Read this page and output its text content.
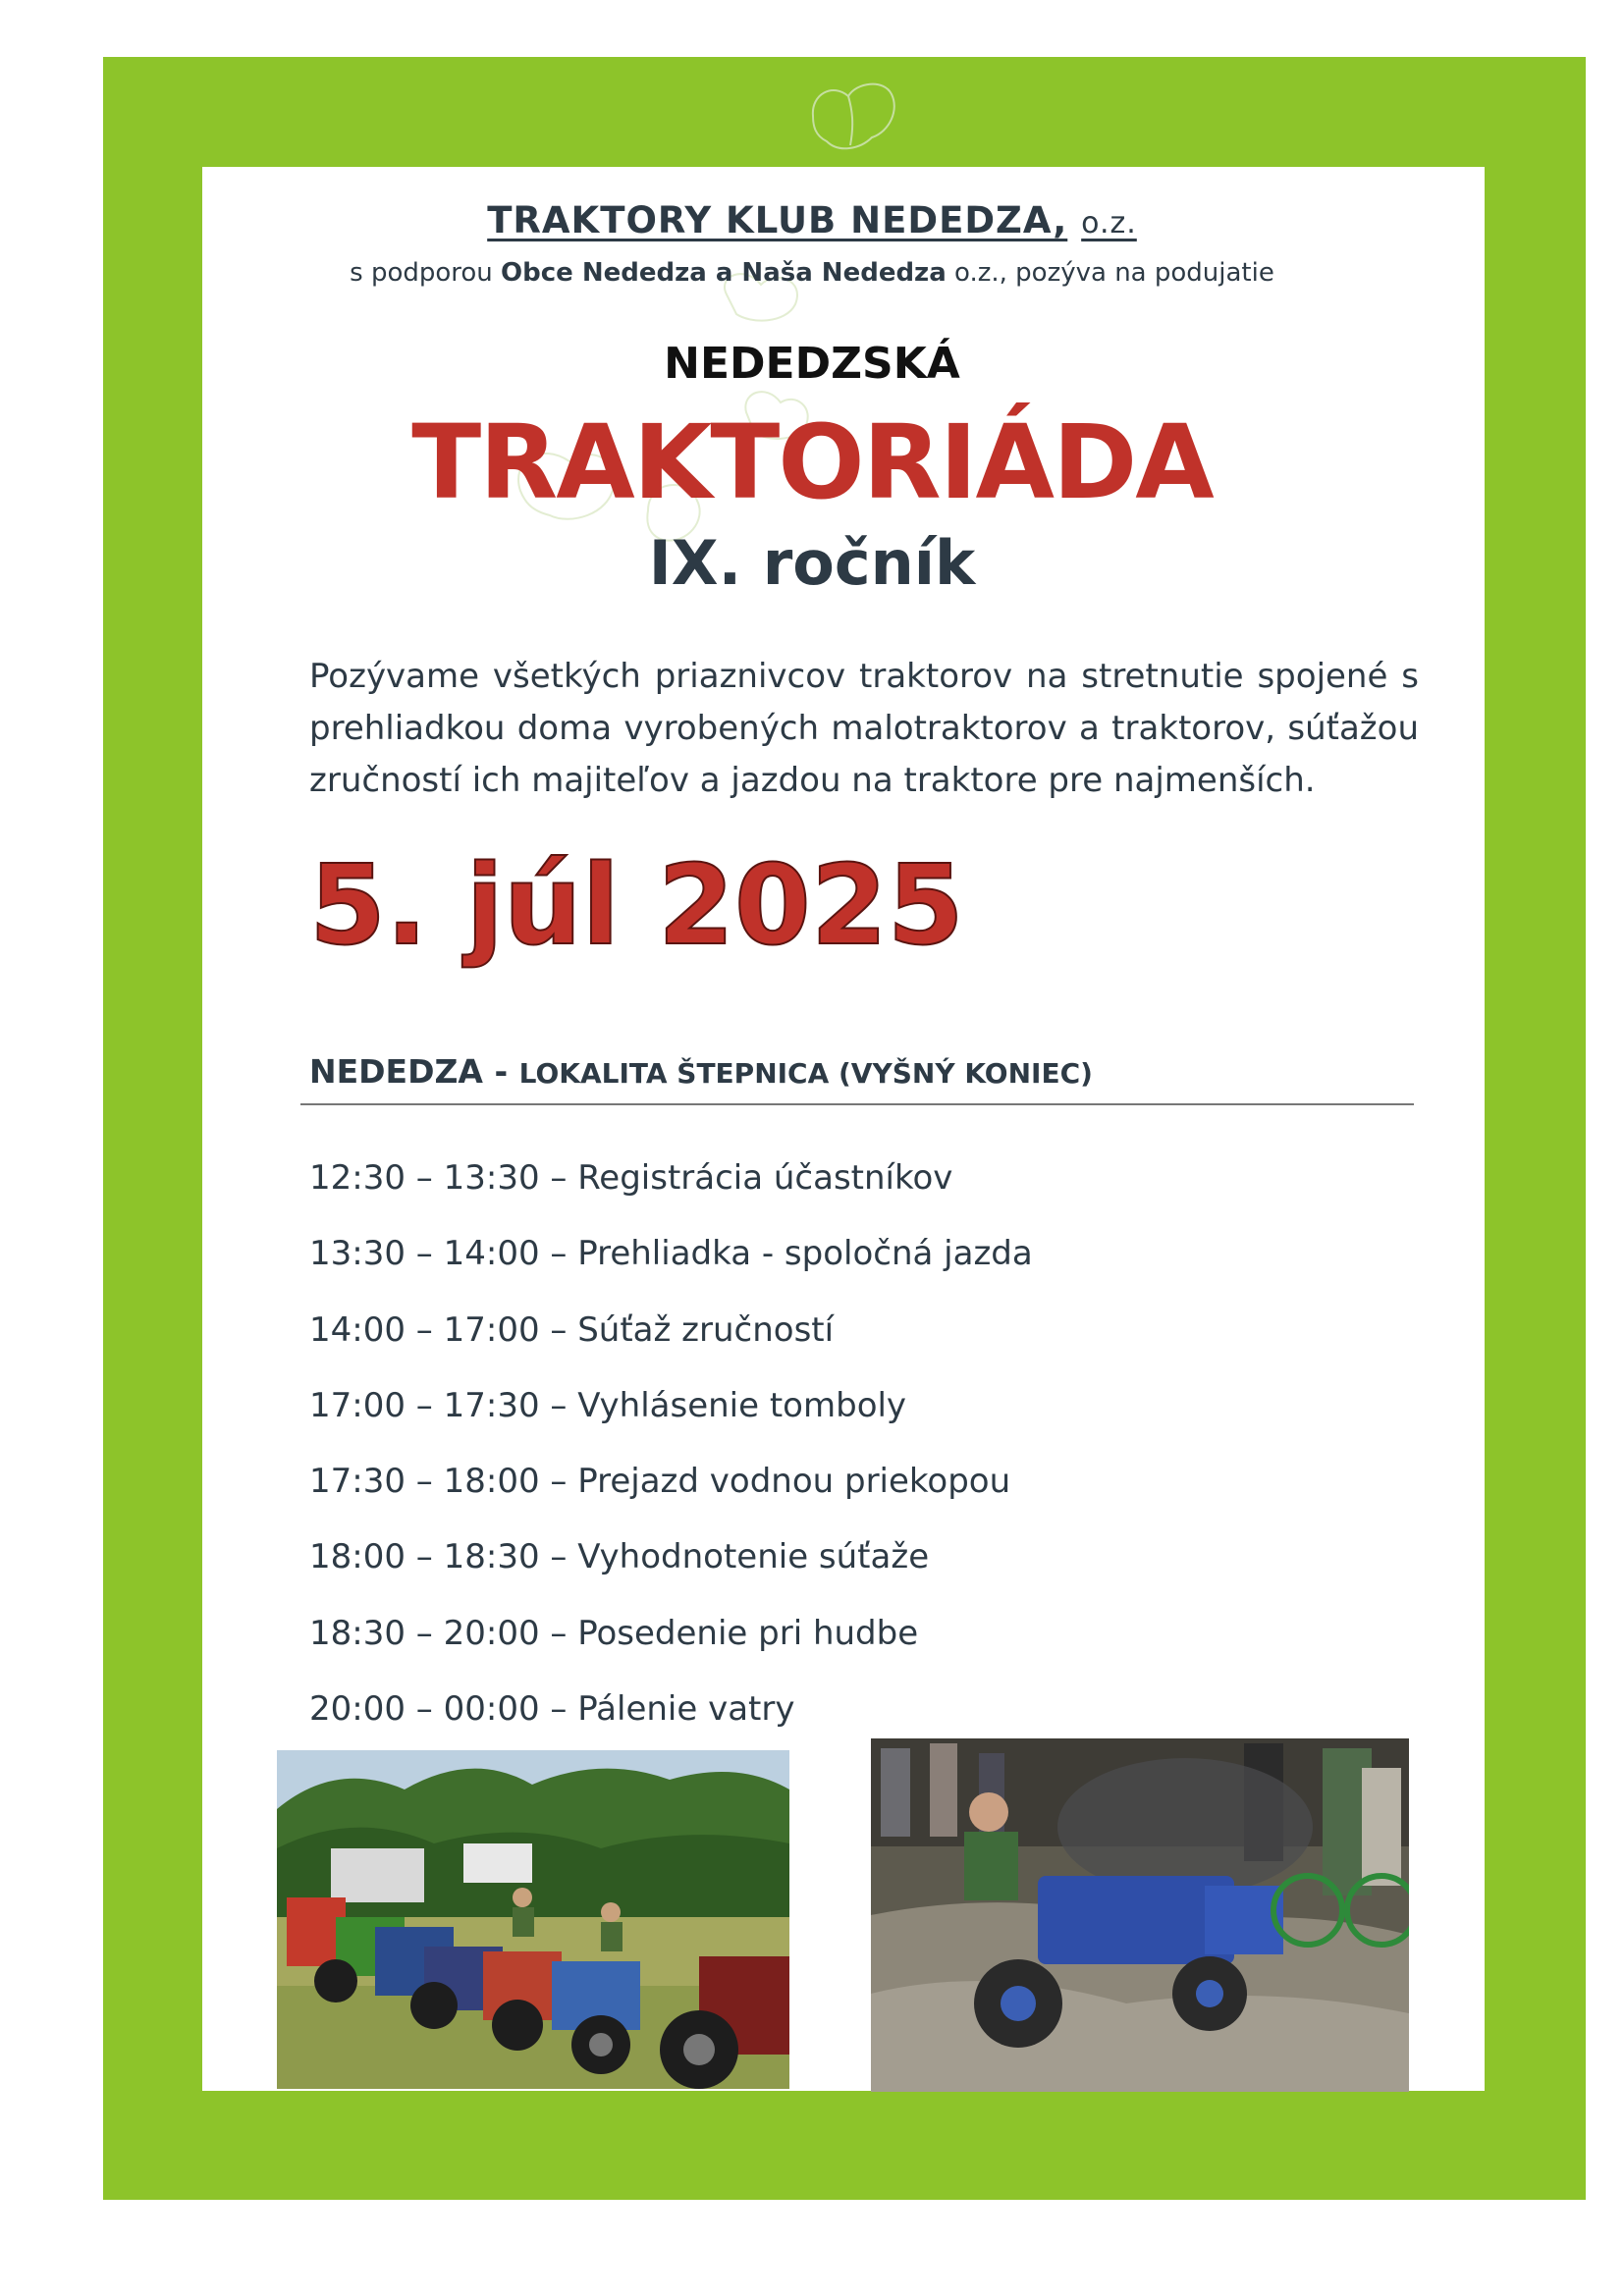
TRAKTORY KLUB NEDEDZA, o.z.
s podporou Obce Nededza a Naša Nededza o.z., pozýva na podujatie
NEDEDZSKÁ
TRAKTORIÁDA
IX. ročník
Pozývame všetkých priaznivcov traktorov na stretnutie spojené s prehliadkou doma vyrobených malotraktorov a traktorov, súťažou zručností ich majiteľov a jazdou na traktore pre najmenších.
5. júl 2025
NEDEDZA - LOKALITA ŠTEPNICA (VYŠNÝ KONIEC)
12:30 – 13:30 – Registrácia účastníkov
13:30 – 14:00 – Prehliadka - spoločná jazda
14:00 – 17:00 – Súťaž zručností
17:00 – 17:30 – Vyhlásenie tomboly
17:30 – 18:00 – Prejazd vodnou priekopou
18:00 – 18:30 – Vyhodnotenie súťaže
18:30 – 20:00 – Posedenie pri hudbe
20:00 – 00:00 – Pálenie vatry
